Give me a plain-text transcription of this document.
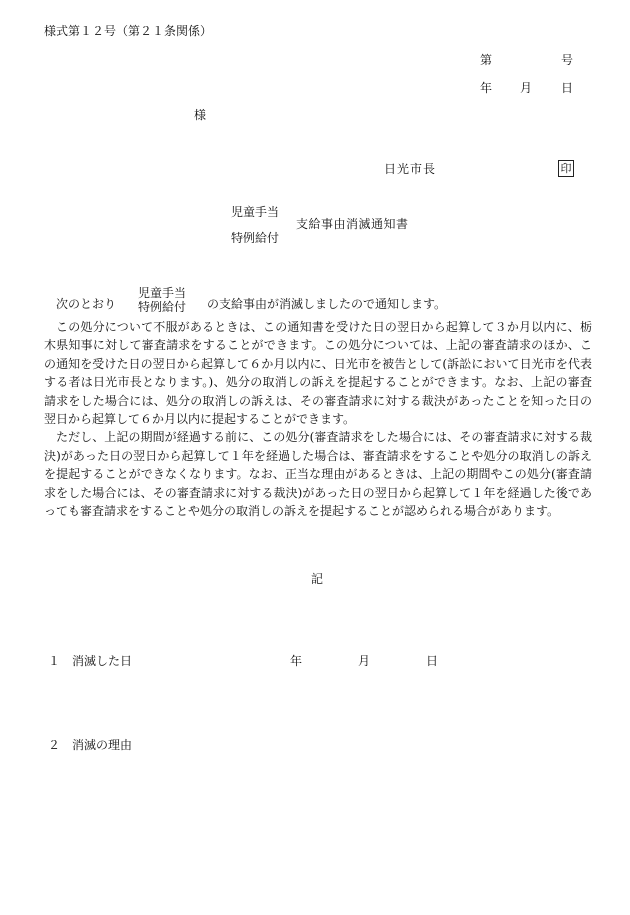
様式第１２号（第２１条関係）
第	号
年 月 日
様
日光市長	印
児童手当
支給事由消滅通知書
特例給付
次のとおり
児童手当
特例給付 の支給事由が消滅しましたので通知します。

この処分について不服があるときは、この通知書を受けた日の翌日から起算して３か月以内に、栃木県知事に対して審査請求をすることができます。この処分については、上記の審査請求のほか、この通知を受けた日の翌日から起算して６か月以内に、日光市を被告として(訴訟において日光市を代表する者は日光市長となります。)、処分の取消しの訴えを提起することができます。なお、上記の審査請求をした場合には、処分の取消しの訴えは、その審査請求に対する裁決があったことを知った日の翌日から起算して６か月以内に提起することができます。

ただし、上記の期間が経過する前に、この処分(審査請求をした場合には、その審査請求に対する裁決)があった日の翌日から起算して１年を経過した場合は、審査請求をすることや処分の取消しの訴えを提起することができなくなります。なお、正当な理由があるときは、上記の期間やこの処分(審査請求をした場合には、その審査請求に対する裁決)があった日の翌日から起算して１年を経過した後であっても審査請求をすることや処分の取消しの訴えを提起することが認められる場合があります。

記
１ 消滅した日	年	月	日
２ 消滅の理由
